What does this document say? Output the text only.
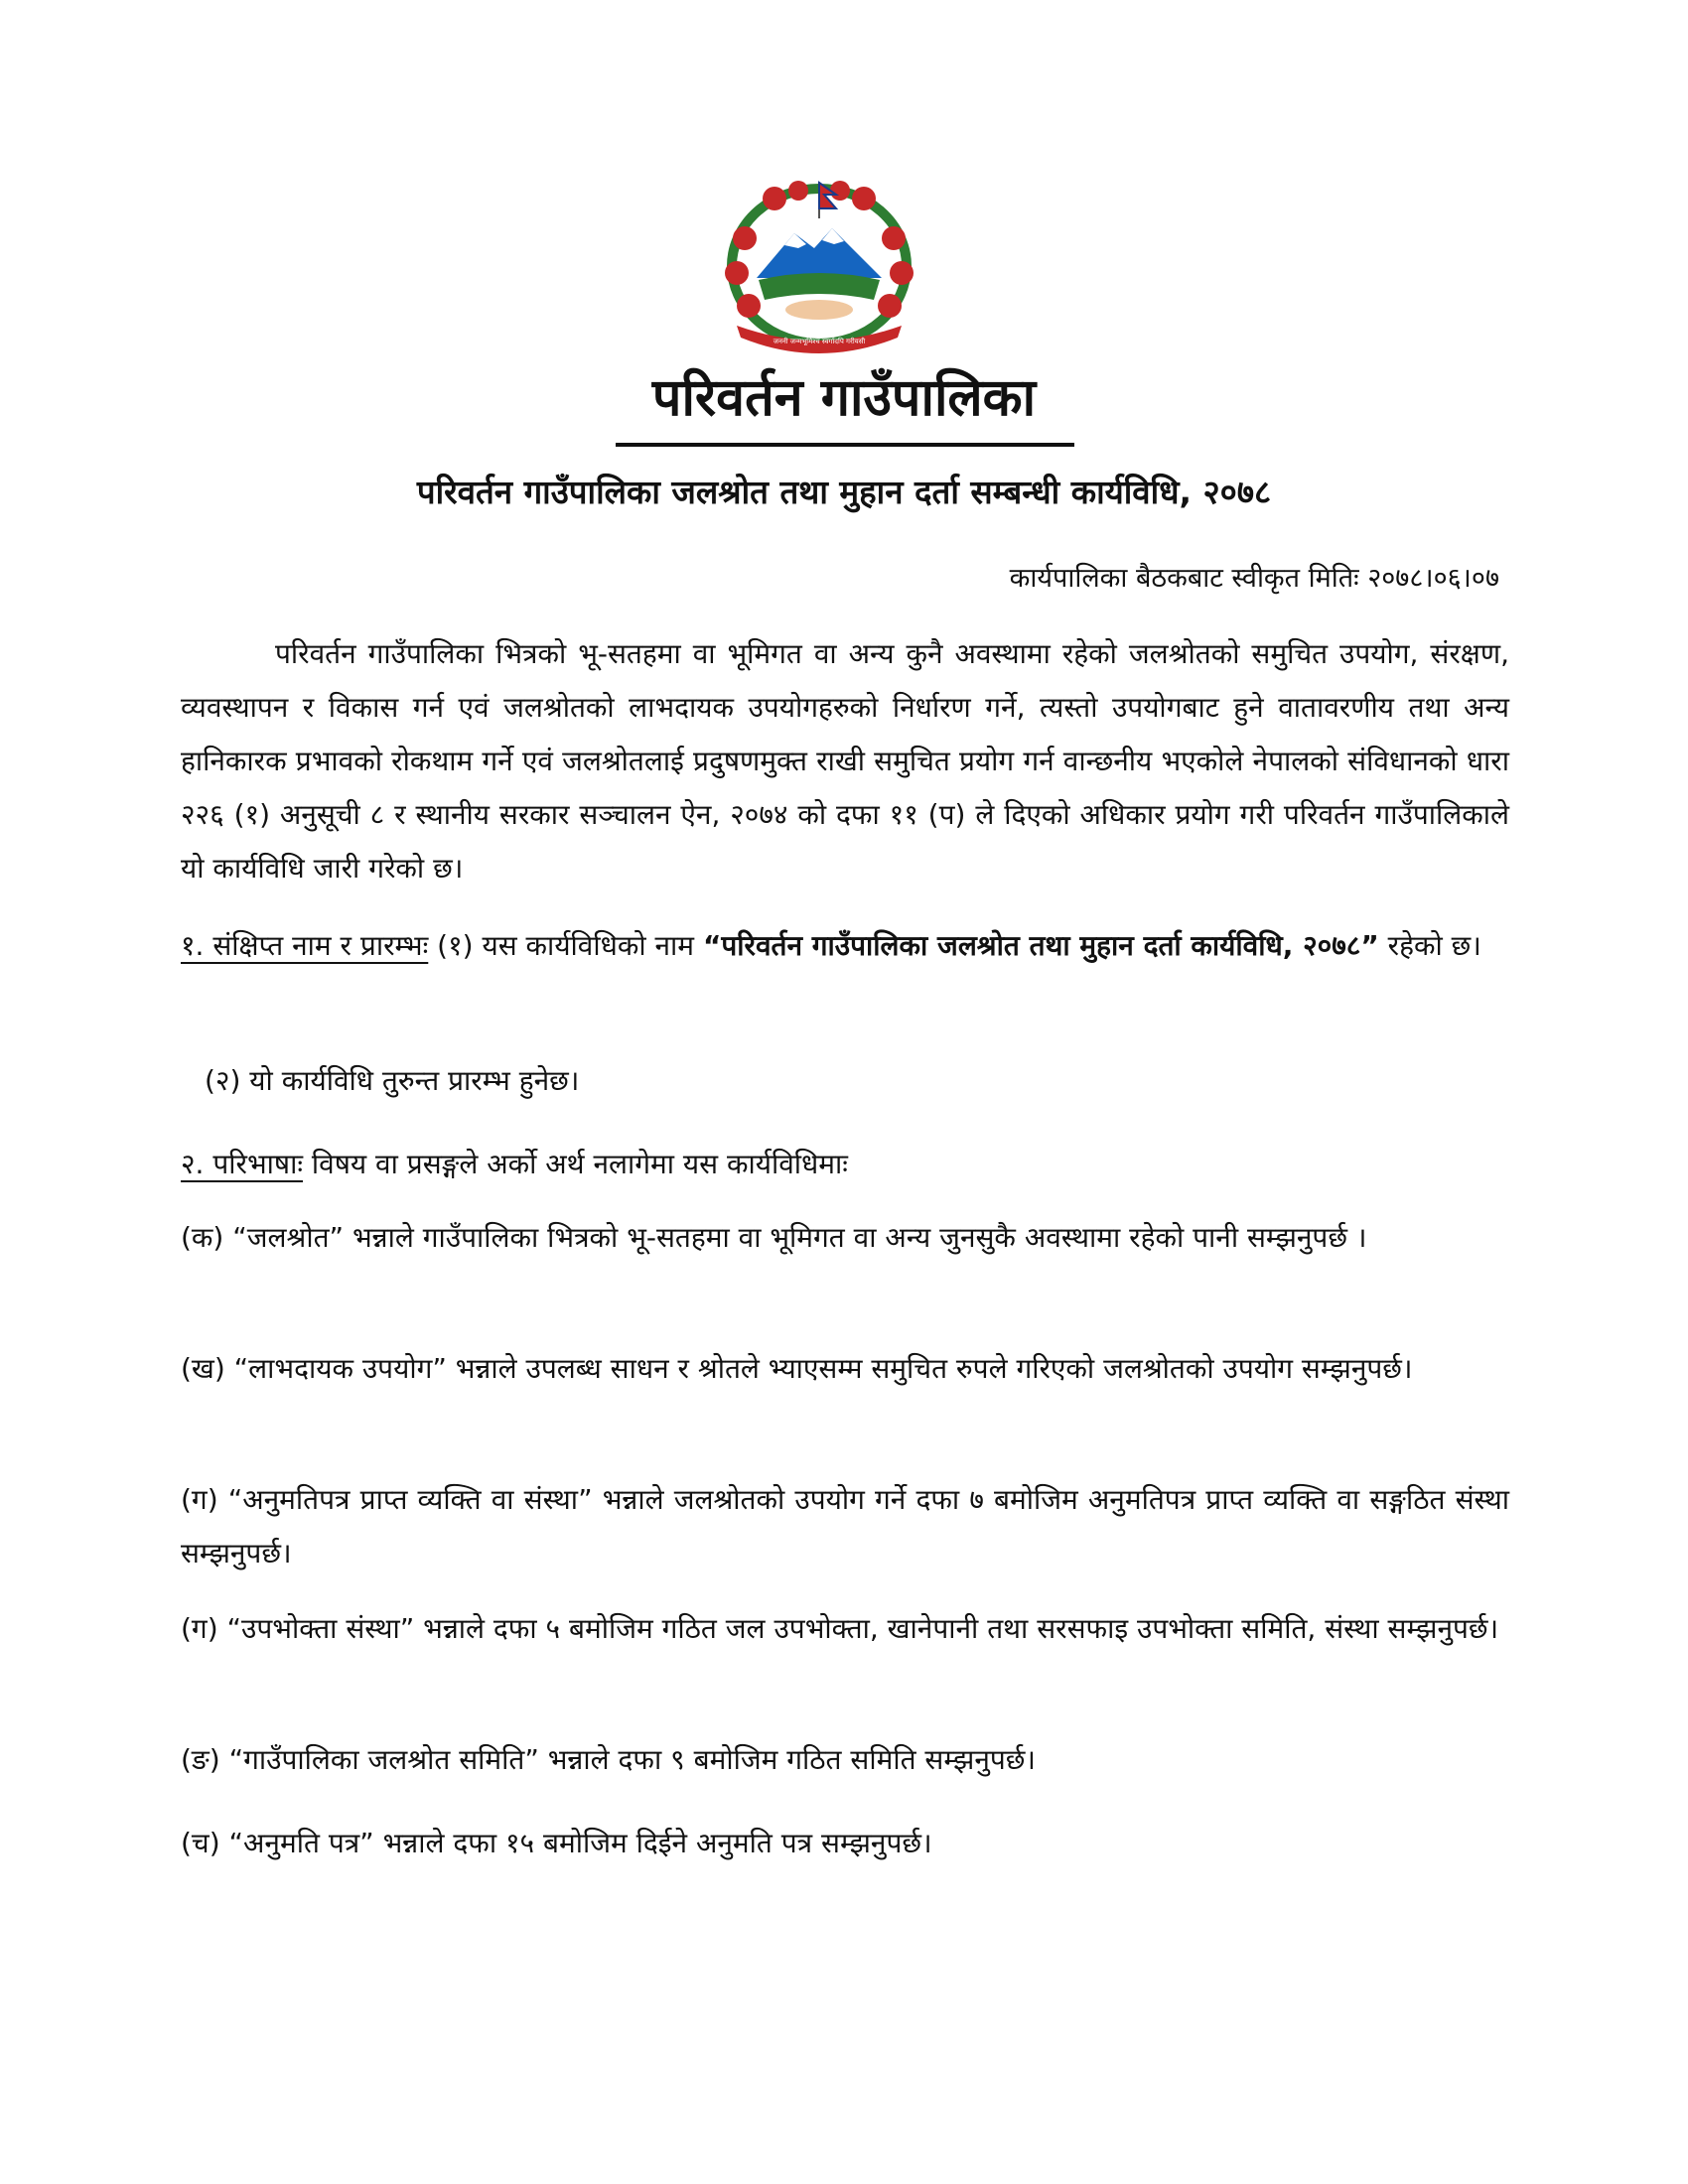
जननी जन्मभूमिश्च स्वर्गादपि गरीयसी
परिवर्तन गाउँपालिका
परिवर्तन गाउँपालिका जलश्रोत तथा मुहान दर्ता सम्बन्धी कार्यविधि, २०७८
कार्यपालिका बैठकबाट स्वीकृत मितिः २०७८।०६।०७

परिवर्तन गाउँपालिका भित्रको भू-सतहमा वा भूमिगत वा अन्य कुनै अवस्थामा रहेको जलश्रोतको समुचित उपयोग, संरक्षण, व्यवस्थापन र विकास गर्न एवं जलश्रोतको लाभदायक उपयोगहरुको निर्धारण गर्ने, त्यस्तो उपयोगबाट हुने वातावरणीय तथा अन्य हानिकारक प्रभावको रोकथाम गर्ने एवं जलश्रोतलाई प्रदुषणमुक्त राखी समुचित प्रयोग गर्न वान्छनीय भएकोले नेपालको संविधानको धारा २२६ (१) अनुसूची ८ र स्थानीय सरकार सञ्चालन ऐन, २०७४ को दफा ११ (प) ले दिएको अधिकार प्रयोग गरी परिवर्तन गाउँपालिकाले यो कार्यविधि जारी गरेको छ।

१. संक्षिप्त नाम र प्रारम्भः (१) यस कार्यविधिको नाम “परिवर्तन गाउँपालिका जलश्रोत तथा मुहान दर्ता कार्यविधि, २०७८” रहेको छ।

(२) यो कार्यविधि तुरुन्त प्रारम्भ हुनेछ।

२. परिभाषाः विषय वा प्रसङ्गले अर्को अर्थ नलागेमा यस कार्यविधिमाः

(क) “जलश्रोत” भन्नाले गाउँपालिका भित्रको भू-सतहमा वा भूमिगत वा अन्य जुनसुकै अवस्थामा रहेको पानी सम्झनुपर्छ ।

(ख) “लाभदायक उपयोग” भन्नाले उपलब्ध साधन र श्रोतले भ्याएसम्म समुचित रुपले गरिएको जलश्रोतको उपयोग सम्झनुपर्छ।

(ग) “अनुमतिपत्र प्राप्त व्यक्ति वा संस्था” भन्नाले जलश्रोतको उपयोग गर्ने दफा ७ बमोजिम अनुमतिपत्र प्राप्त व्यक्ति वा सङ्गठित संस्था सम्झनुपर्छ।

(ग) “उपभोक्ता संस्था” भन्नाले दफा ५ बमोजिम गठित जल उपभोक्ता, खानेपानी तथा सरसफाइ उपभोक्ता समिति, संस्था सम्झनुपर्छ।

(ङ) “गाउँपालिका जलश्रोत समिति” भन्नाले दफा ९ बमोजिम गठित समिति सम्झनुपर्छ।

(च) “अनुमति पत्र” भन्नाले दफा १५ बमोजिम दिईने अनुमति पत्र सम्झनुपर्छ।
